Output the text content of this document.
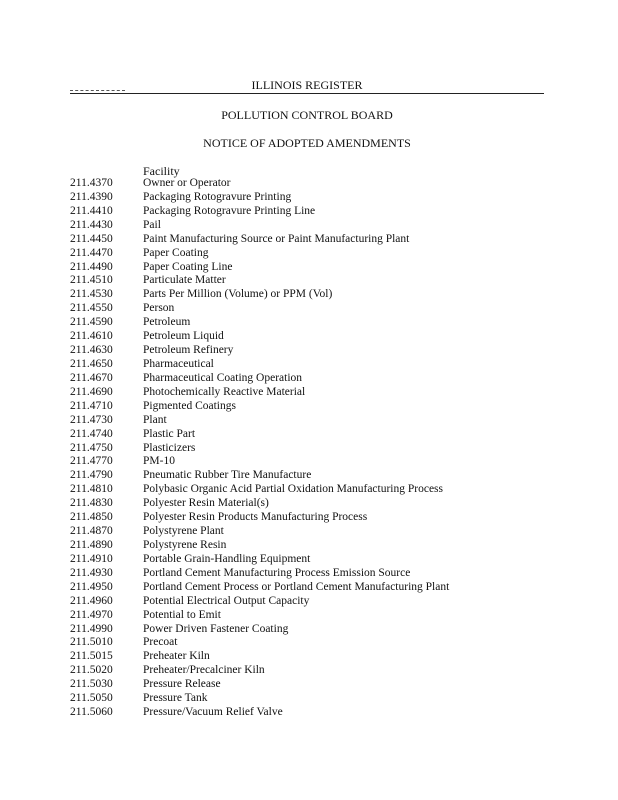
ILLINOIS REGISTER
POLLUTION CONTROL BOARD
NOTICE OF ADOPTED AMENDMENTS
Facility
211.4370	Owner or Operator
211.4390	Packaging Rotogravure Printing
211.4410	Packaging Rotogravure Printing Line
211.4430	Pail
211.4450	Paint Manufacturing Source or Paint Manufacturing Plant
211.4470	Paper Coating
211.4490	Paper Coating Line
211.4510	Particulate Matter
211.4530	Parts Per Million (Volume) or PPM (Vol)
211.4550	Person
211.4590	Petroleum
211.4610	Petroleum Liquid
211.4630	Petroleum Refinery
211.4650	Pharmaceutical
211.4670	Pharmaceutical Coating Operation
211.4690	Photochemically Reactive Material
211.4710	Pigmented Coatings
211.4730	Plant
211.4740	Plastic Part
211.4750	Plasticizers
211.4770	PM-10
211.4790	Pneumatic Rubber Tire Manufacture
211.4810	Polybasic Organic Acid Partial Oxidation Manufacturing Process
211.4830	Polyester Resin Material(s)
211.4850	Polyester Resin Products Manufacturing Process
211.4870	Polystyrene Plant
211.4890	Polystyrene Resin
211.4910	Portable Grain-Handling Equipment
211.4930	Portland Cement Manufacturing Process Emission Source
211.4950	Portland Cement Process or Portland Cement Manufacturing Plant
211.4960	Potential Electrical Output Capacity
211.4970	Potential to Emit
211.4990	Power Driven Fastener Coating
211.5010	Precoat
211.5015	Preheater Kiln
211.5020	Preheater/Precalciner Kiln
211.5030	Pressure Release
211.5050	Pressure Tank
211.5060	Pressure/Vacuum Relief Valve
